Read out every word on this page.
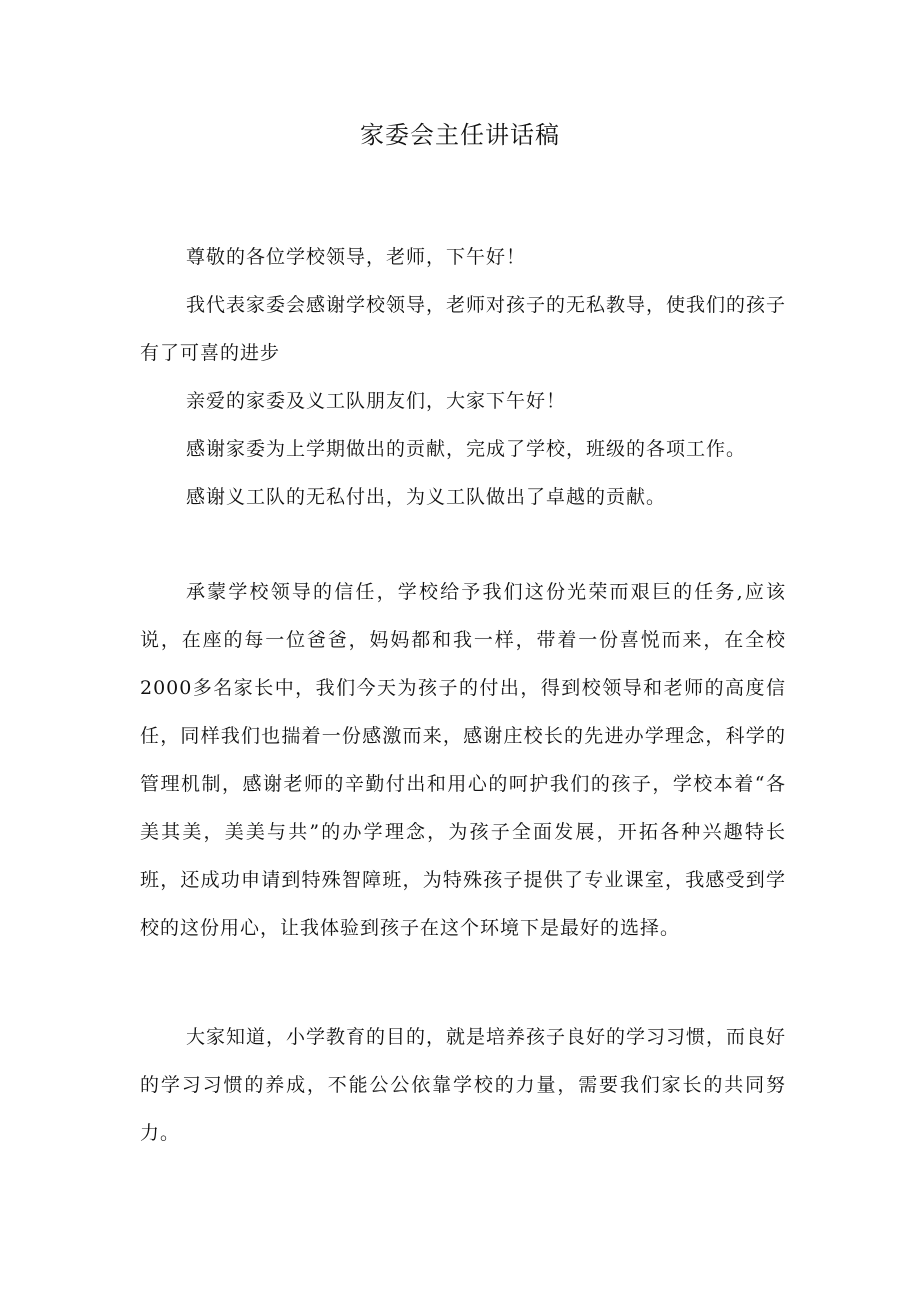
家委会主任讲话稿

尊敬的各位学校领导，老师，下午好！

我代表家委会感谢学校领导，老师对孩子的无私教导，使我们的孩子有了可喜的进步

亲爱的家委及义工队朋友们，大家下午好！

感谢家委为上学期做出的贡献，完成了学校，班级的各项工作。

感谢义工队的无私付出，为义工队做出了卓越的贡献。

承蒙学校领导的信任，学校给予我们这份光荣而艰巨的任务,应该说，在座的每一位爸爸，妈妈都和我一样，带着一份喜悦而来，在全校2000多名家长中，我们今天为孩子的付出，得到校领导和老师的高度信任，同样我们也揣着一份感激而来，感谢庄校长的先进办学理念，科学的管理机制，感谢老师的辛勤付出和用心的呵护我们的孩子，学校本着“各美其美，美美与共”的办学理念，为孩子全面发展，开拓各种兴趣特长班，还成功申请到特殊智障班，为特殊孩子提供了专业课室，我感受到学校的这份用心，让我体验到孩子在这个环境下是最好的选择。

大家知道，小学教育的目的，就是培养孩子良好的学习习惯，而良好的学习习惯的养成，不能公公依靠学校的力量，需要我们家长的共同努力。
